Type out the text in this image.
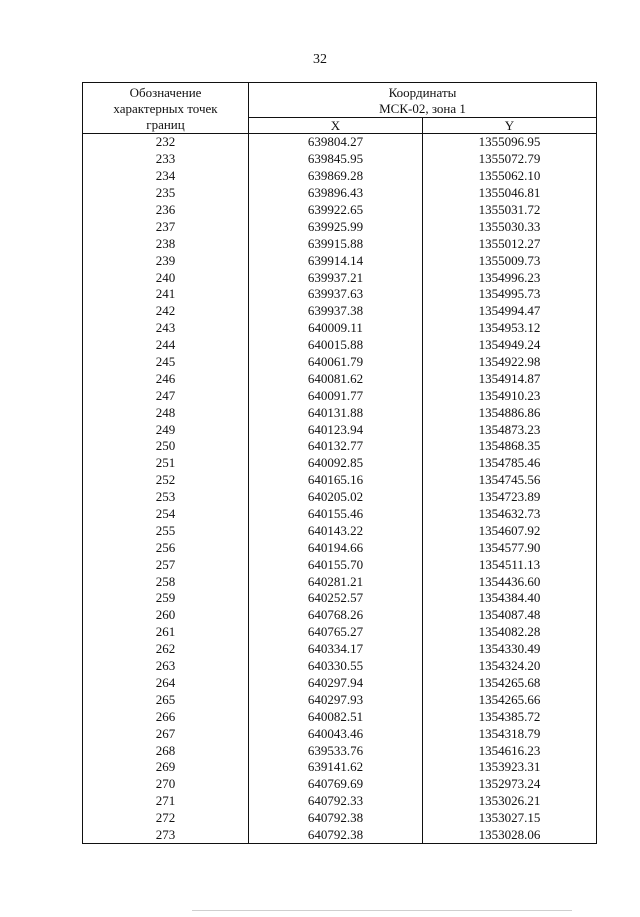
32
Обозначение характерных точек границ	Координаты
МСК-02, зона 1	

	X	Y
232	639804.27	1355096.95
233	639845.95	1355072.79
234	639869.28	1355062.10
235	639896.43	1355046.81
236	639922.65	1355031.72
237	639925.99	1355030.33
238	639915.88	1355012.27
239	639914.14	1355009.73
240	639937.21	1354996.23
241	639937.63	1354995.73
242	639937.38	1354994.47
243	640009.11	1354953.12
244	640015.88	1354949.24
245	640061.79	1354922.98
246	640081.62	1354914.87
247	640091.77	1354910.23
248	640131.88	1354886.86
249	640123.94	1354873.23
250	640132.77	1354868.35
251	640092.85	1354785.46
252	640165.16	1354745.56
253	640205.02	1354723.89
254	640155.46	1354632.73
255	640143.22	1354607.92
256	640194.66	1354577.90
257	640155.70	1354511.13
258	640281.21	1354436.60
259	640252.57	1354384.40
260	640768.26	1354087.48
261	640765.27	1354082.28
262	640334.17	1354330.49
263	640330.55	1354324.20
264	640297.94	1354265.68
265	640297.93	1354265.66
266	640082.51	1354385.72
267	640043.46	1354318.79
268	639533.76	1354616.23
269	639141.62	1353923.31
270	640769.69	1352973.24
271	640792.33	1353026.21
272	640792.38	1353027.15
273	640792.38	1353028.06
